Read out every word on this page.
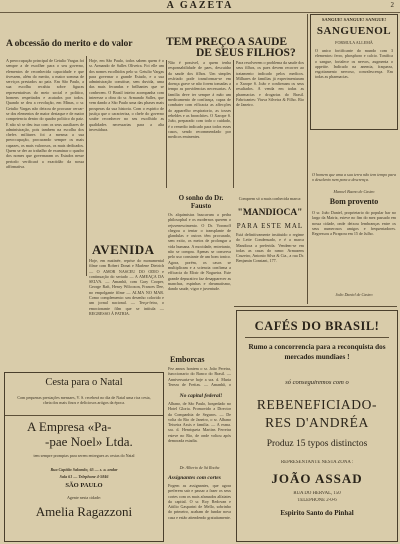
A GAZETA	2
A obcessão do merito e do valor	TEM PREÇO A SAUDE
DE SEUS FILHOS?
A preoccupação principal de Getulio Vargas foi sempre a de escolher para o seu governo, elementos de reconhecida capacidade e que tivessem, além do merito, a maior somma de serviços prestados ao paiz. Em São Paulo, a sua escolha recahiu sobre figuras representativas do meio social e politico, homens respeitados e acatados por todos. Quando se deu a revolução, em Minas, o sr. Getulio Vargas não deixou de procurar cercar-se dos elementos de maior destaque e de maior competencia dentro do quadro politico do paiz. E não só se deu isso com os seus auxiliares de administração, pois tambem na escolha dos chefes militares foi a mesma a sua preoccupação, procurando sempre os mais capazes, os mais valorosos, os mais dedicados. Quem se der ao trabalho de examinar o quadro dos nomes que governaram os Estados nesse periodo verificará a exactidão da nossa affirmativa.
Hoje, em São Paulo, todos sabem quem é o sr. Armando de Salles Oliveira. Foi elle um dos nomes escolhidos pelo sr. Getulio Vargas para governar o grande Estado, e a sua administração constitue, sem duvida, uma das mais fecundas e brilhantes que se conhecem. O Brasil inteiro acompanha com interesse a obra do sr. Armando Salles, que vem dando a São Paulo uma das phases mais prosperas da sua historia. Com o espirito de justiça que o caracteriza, o chefe do governo soube reconhecer no seu escolhido as qualidades necessarias para a alta investidura.
Não é possivel, a quem tenha responsabilidade de paes, descuidar da saude dos filhos. Um simples resfriado pode transformar-se em doença grave se não forem tomadas a tempo as providencias necessarias. A familia deve ter sempre á mão um medicamento de confiança, capaz de combater com efficacia as affecções do apparelho respiratorio, as tosses rebeldes e as bronchites. O Xarope S. João, preparado com todo o cuidado, é o remedio indicado para todos esses casos, sendo recommendado por medicos eminentes.
Para resolverem o problema da saude dos seus filhos, os paes devem recorrer ao tratamento indicado pelos medicos. Milhares de familias já experimentaram o Xarope S. João e confirmam os seus resultados. A venda em todas as pharmacias e drogarias do Brasil. Fabricantes: Viuva Silveira & Filho. Rio de Janeiro.
AVENIDA
Hoje, em matinée, reprise do monumental filme com Robert Donat e Marlene Dietrich — O AMOR NASCEU DO ODIO e continuação do seriado — A AMEAÇA DA SELVA. — Amanhã, com Gary Cooper, George Raft, Henry Wilcoxon, Frances Dee, no empolgante filme — ALMA NO MAR. Como complemento: um desenho colorido e um jornal nacional. — Terça-feira, o emocionante film que se intitula — REGRESSO Á PATRIA.
O sonho do Dr. Fausto
Os alquimistas buscavam a pedra philosophal e os modernos querem o rejuvenescimento. O Dr. Voronoff chegou a tentar o transplante de glandulas e outros têm procurado, sem exito, os meios de prolongar a vida humana. A mocidade, entretanto, não se compra. Apenas se conserva pelo uso constante de um bom tonico. Agora, porém, os casos se multiplicam e a sciencia confirma a efficacia do Elixir de Nogueira. Este grande depurativo faz desapparecer as manchas, espinhas e rheumatismo, dando saude, vigor e juventude.
Emborcas
Fez annos hontem o sr. João Pereira, funccionario do Banco do Brasil. — Anniversaria-se hoje a sra. d. Maria Tereza de Freitas. — Amanhã, o
Comprem só a mais conhecida marca:
"MANDIOCA"
PARA ESTE MAL
Está definitivamente instituido o regime do Leite Condensado, e é a marca Mandioca a preferida. Vendem-se em todas as casas do ramo: Armazens Cruzeiro, Antonio Silva & Cia., a rua Dr. Benjamin Constant, 177.
Cesta para o Natal
Com pequenas prestações mensaes, V. S. receberá no dia de Natal uma rica cesta, cheia dos mais finos e deliciosos artigos da época.
A Empresa «Pa-
-pae Noel» Ltda.
tem sempre promptas para serem entregues as cestas do Natal
Rua Capitão Salomão, 65 — s. a. andar
Sala 61 — Telephone 4-5846
SÃO PAULO
Agente nesta cidade:
Amelia Ragazzoni
No capital federal!
Albano, de São Paulo, hospedado no Hotel Gloria. Promovido a Director da Companhia de Seguros. — De volta do Rio de Janeiro, o sr. Albano Teixeira Assis e familia. — A exma. sra. d. Henriqueta Martins Ferreira esteve no Rio, de onde voltou após demorada estadia.
Dr. Alberto de Sá Rocha
Assignantes com cortes
Fogem as assignantes, que agora preferem sair e passar a fazer os seus cortes com os mais afamados alfaiates da capital. O sr. Roy Redovan e Attilio Gasparini de Mello, sobrinho do primeiro, acabam de fundar nova casa e estão attendendo gratuitamente.
SANGUE! SANGUE! SANGUE!
SANGUENOL
FORMULA ALLEMÃ
O unico fortificante do mundo com 3 elementos: ferro, phosphoro e calcio. Tonifica o sangue, fortalece os nervos, augmenta o appetite. Indicado na anemia, fraqueza, esgottamento nervoso, convalescença. Em todas as pharmacias.
O homem que ama a sua terra não tem tempo para o desalento nem para a descrença.
Manoel Bueno de Castro
Bom provento
O sr. João Daniel, proprietario do popular bar no largo da Matriz, esteve no fim do mez passado em nossa cidade, onde deixou lembranças entre os seus numerosos amigos e frequentadores. Regressou a Pirapora em 15 de Julho.
João Daniel de Castro
CAFÉS DO BRASIL!
Rumo a concorrencia para a reconquista dos mercados mundiaes !
só conseguiremos com o
REBENEFICIADO-
RES D'ANDRÉA
Produz 15 typos distinctos
REPRESENTANTE NESTA ZONA :
JOÃO ASSAD
RUA DO HERVAL, 150
TELEPHONE 2-0-6
Espirito Santo do Pinhal
